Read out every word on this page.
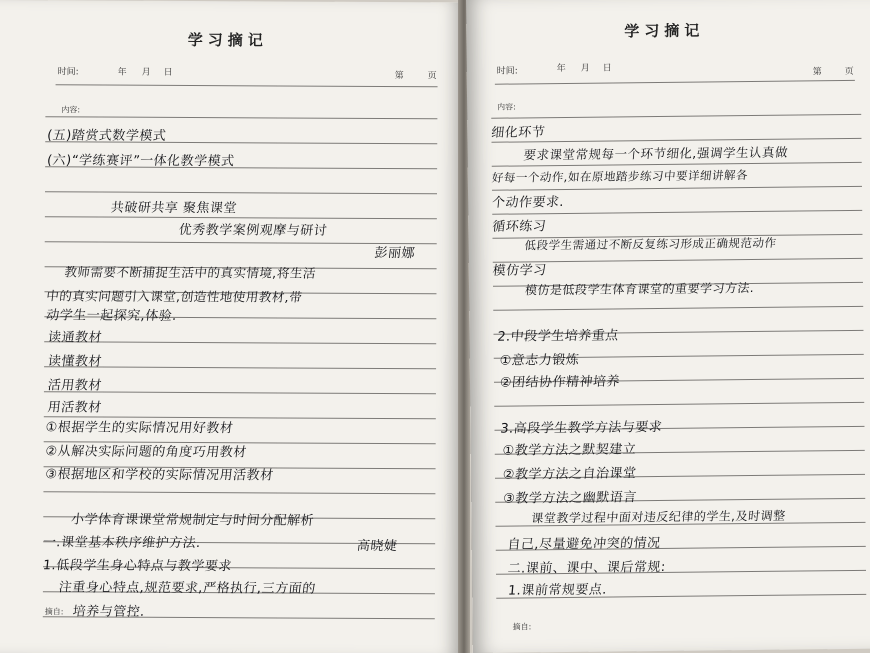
学习摘记
时间:	年 月 日	第	页
内容:
(五)踏赏式数学模式
(六)“学练赛评”一体化教学模式
共破研共享 聚焦课堂
优秀教学案例观摩与研讨
彭丽娜
教师需要不断捕捉生活中的真实情境,将生活
中的真实问题引入课堂,创造性地使用教材,带
动学生一起探究,体验.
读通教材
读懂教材
活用教材
用活教材
①根据学生的实际情况用好教材
②从解决实际问题的角度巧用教材
③根据地区和学校的实际情况用活教材
小学体育课课堂常规制定与时间分配解析
一.课堂基本秩序维护方法.	高晓婕
1.低段学生身心特点与教学要求
注重身心特点,规范要求,严格执行,三方面的
培养与管控.
摘自:
学习摘记
时间:	年 月 日	第	页
内容:
细化环节
要求课堂常规每一个环节细化,强调学生认真做
好每一个动作,如在原地踏步练习中要详细讲解各
个动作要求.
循环练习
低段学生需通过不断反复练习形成正确规范动作
模仿学习
模仿是低段学生体育课堂的重要学习方法.
2.中段学生培养重点
①意志力锻炼
②团结协作精神培养
3.高段学生教学方法与要求
①教学方法之默契建立
②教学方法之自治课堂
③教学方法之幽默语言
课堂教学过程中面对违反纪律的学生,及时调整
自己,尽量避免冲突的情况
二.课前、课中、课后常规:
1.课前常规要点.
摘自:
